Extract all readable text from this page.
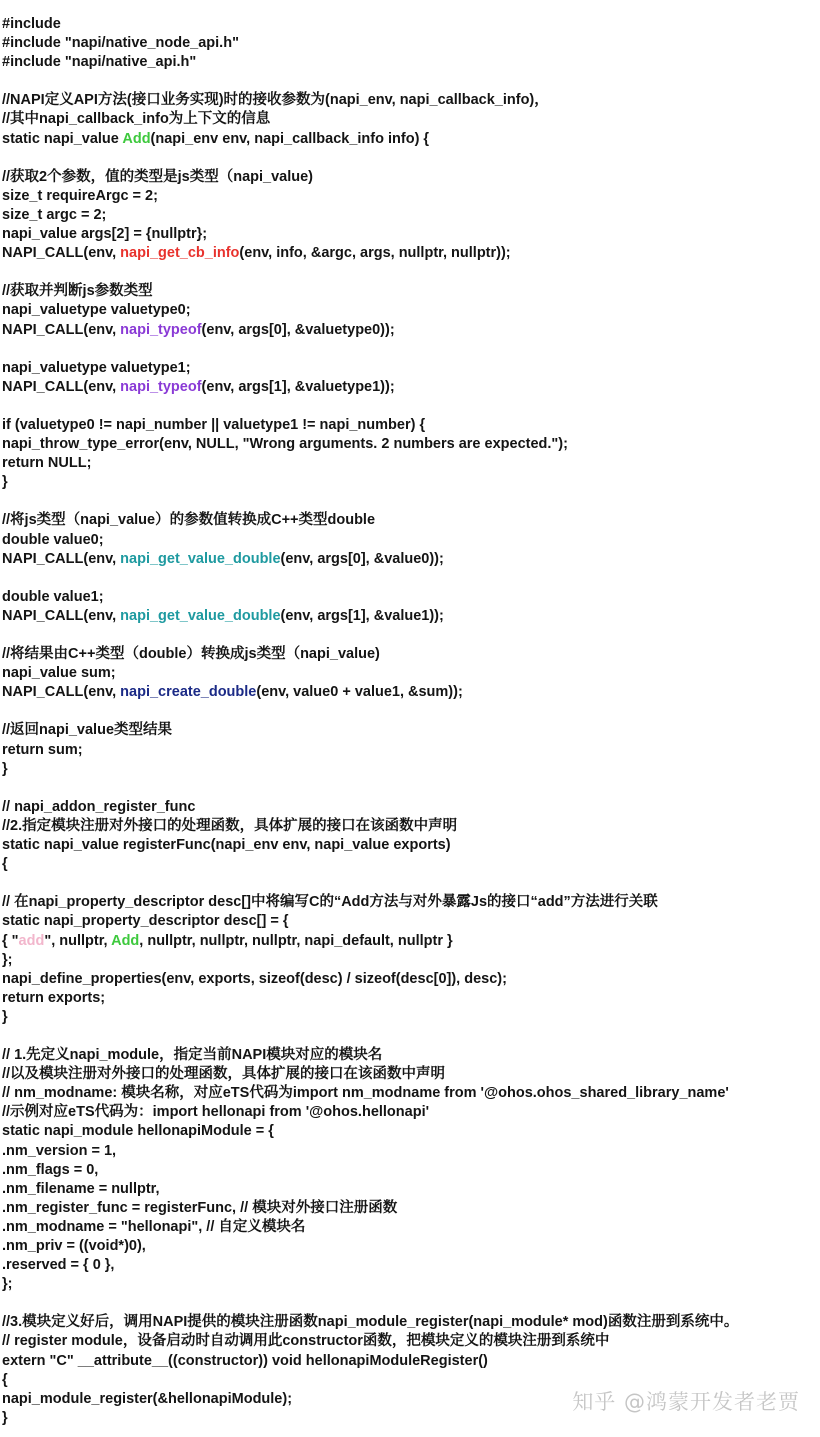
#include
#include "napi/native_node_api.h"
#include "napi/native_api.h"
//NAPI定义API方法(接口业务实现)时的接收参数为(napi_env, napi_callback_info)，
//其中napi_callback_info为上下文的信息
static napi_value Add(napi_env env, napi_callback_info info) {
//获取2个参数，值的类型是js类型（napi_value)
size_t requireArgc = 2;
size_t argc = 2;
napi_value args[2] = {nullptr};
NAPI_CALL(env, napi_get_cb_info(env, info, &argc, args, nullptr, nullptr));
//获取并判断js参数类型
napi_valuetype valuetype0;
NAPI_CALL(env, napi_typeof(env, args[0], &valuetype0));
napi_valuetype valuetype1;
NAPI_CALL(env, napi_typeof(env, args[1], &valuetype1));
if (valuetype0 != napi_number || valuetype1 != napi_number) {
napi_throw_type_error(env, NULL, "Wrong arguments. 2 numbers are expected.");
return NULL;
}
//将js类型（napi_value）的参数值转换成C++类型double
double value0;
NAPI_CALL(env, napi_get_value_double(env, args[0], &value0));
double value1;
NAPI_CALL(env, napi_get_value_double(env, args[1], &value1));
//将结果由C++类型（double）转换成js类型（napi_value)
napi_value sum;
NAPI_CALL(env, napi_create_double(env, value0 + value1, &sum));
//返回napi_value类型结果
return sum;
}
// napi_addon_register_func
//2.指定模块注册对外接口的处理函数，具体扩展的接口在该函数中声明
static napi_value registerFunc(napi_env env, napi_value exports)
{
// 在napi_property_descriptor desc[]中将编写C的“Add方法与对外暴露Js的接口“add”方法进行关联
static napi_property_descriptor desc[] = {
{ "add", nullptr, Add, nullptr, nullptr, nullptr, napi_default, nullptr }
};
napi_define_properties(env, exports, sizeof(desc) / sizeof(desc[0]), desc);
return exports;
}
// 1.先定义napi_module，指定当前NAPI模块对应的模块名
//以及模块注册对外接口的处理函数，具体扩展的接口在该函数中声明
// nm_modname: 模块名称，对应eTS代码为import nm_modname from '@ohos.ohos_shared_library_name'
//示例对应eTS代码为：import hellonapi from '@ohos.hellonapi'
static napi_module hellonapiModule = {
.nm_version = 1,
.nm_flags = 0,
.nm_filename = nullptr,
.nm_register_func = registerFunc, // 模块对外接口注册函数
.nm_modname = "hellonapi", // 自定义模块名
.nm_priv = ((void*)0),
.reserved = { 0 },
};
//3.模块定义好后，调用NAPI提供的模块注册函数napi_module_register(napi_module* mod)函数注册到系统中。
// register module，设备启动时自动调用此constructor函数，把模块定义的模块注册到系统中
extern "C" __attribute__((constructor)) void hellonapiModuleRegister()
{
napi_module_register(&hellonapiModule);
}
知乎 @鸿蒙开发者老贾
